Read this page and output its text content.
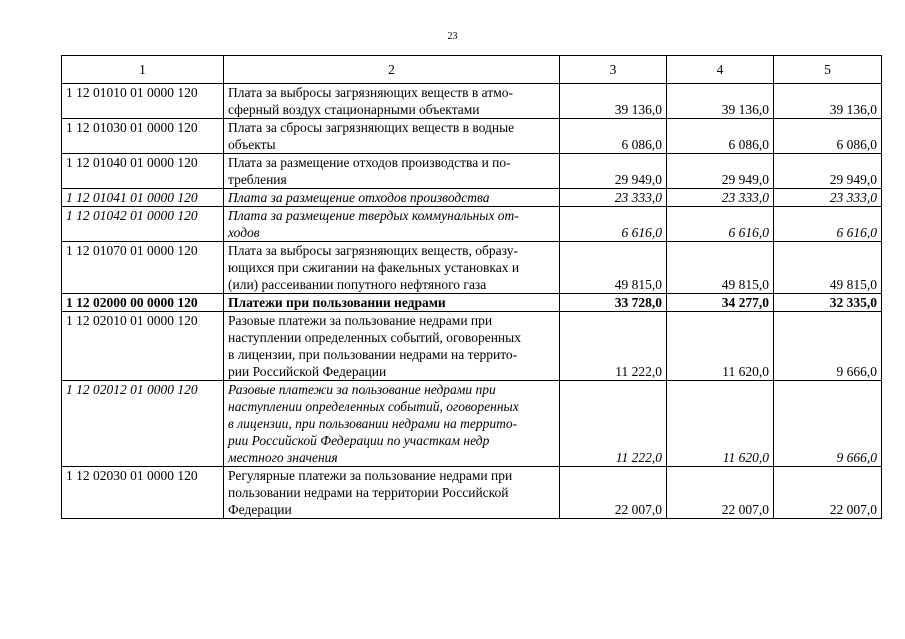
23
1	2	3	4	5
1 12 01010 01 0000 120	Плата за выбросы загрязняющих веществ в атмо-
сферный воздух стационарными объектами	39 136,0	39 136,0	39 136,0
1 12 01030 01 0000 120	Плата за сбросы загрязняющих веществ в водные
объекты	6 086,0	6 086,0	6 086,0
1 12 01040 01 0000 120	Плата за размещение отходов производства и по-
требления	29 949,0	29 949,0	29 949,0
1 12 01041 01 0000 120	Плата за размещение отходов производства	23 333,0	23 333,0	23 333,0
1 12 01042 01 0000 120	Плата за размещение твердых коммунальных от-
ходов	6 616,0	6 616,0	6 616,0
1 12 01070 01 0000 120	Плата за выбросы загрязняющих веществ, образу-
ющихся при сжигании на факельных установках и
(или) рассеивании попутного нефтяного газа	49 815,0	49 815,0	49 815,0
1 12 02000 00 0000 120	Платежи при пользовании недрами	33 728,0	34 277,0	32 335,0
1 12 02010 01 0000 120	Разовые платежи за пользование недрами при
наступлении определенных событий, оговоренных
в лицензии, при пользовании недрами на террито-
рии Российской Федерации	11 222,0	11 620,0	9 666,0
1 12 02012 01 0000 120	Разовые платежи за пользование недрами при
наступлении определенных событий, оговоренных
в лицензии, при пользовании недрами на террито-
рии Российской Федерации по участкам недр
местного значения	11 222,0	11 620,0	9 666,0
1 12 02030 01 0000 120	Регулярные платежи за пользование недрами при
пользовании недрами на территории Российской
Федерации	22 007,0	22 007,0	22 007,0
